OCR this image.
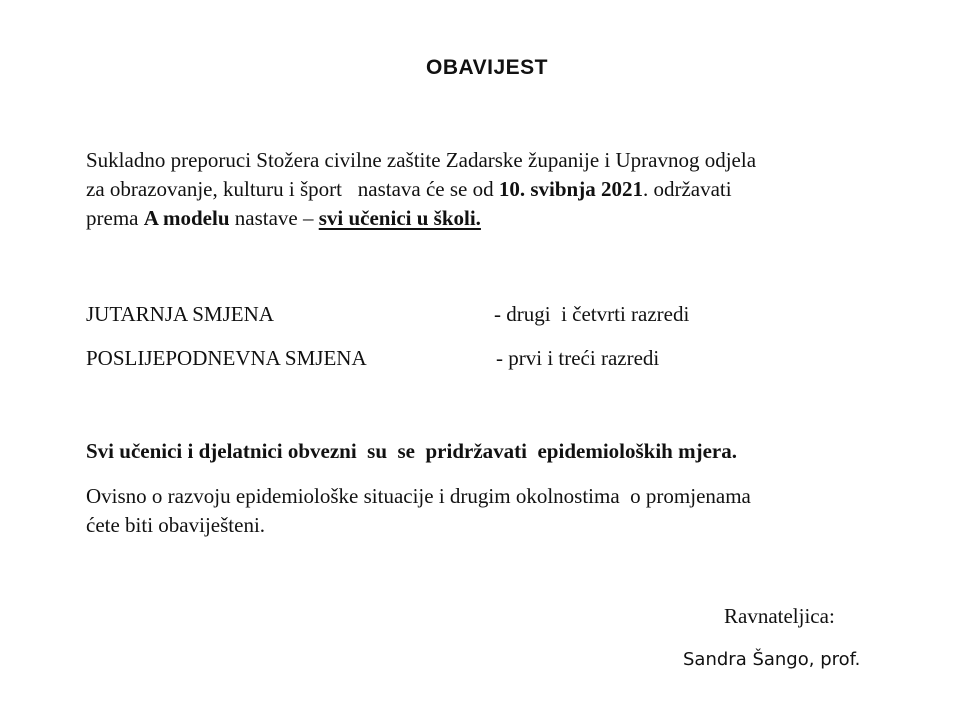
OBAVIJEST
Sukladno preporuci Stožera civilne zaštite Zadarske županije i Upravnog odjela
za obrazovanje, kulturu i šport   nastava će se od 10. svibnja 2021. održavati
prema A modelu nastave – svi učenici u školi.

JUTARNJA SMJENA

	- drugi  i četvrti razredi

POSLIJEPODNEVNA SMJENA

	- prvi i treći razredi

Svi učenici i djelatnici obvezni  su  se  pridržavati  epidemioloških mjera.
Ovisno o razvoju epidemiološke situacije i drugim okolnostima  o promjenama
ćete biti obaviješteni.
Ravnateljica:
Sandra Šango, prof.
